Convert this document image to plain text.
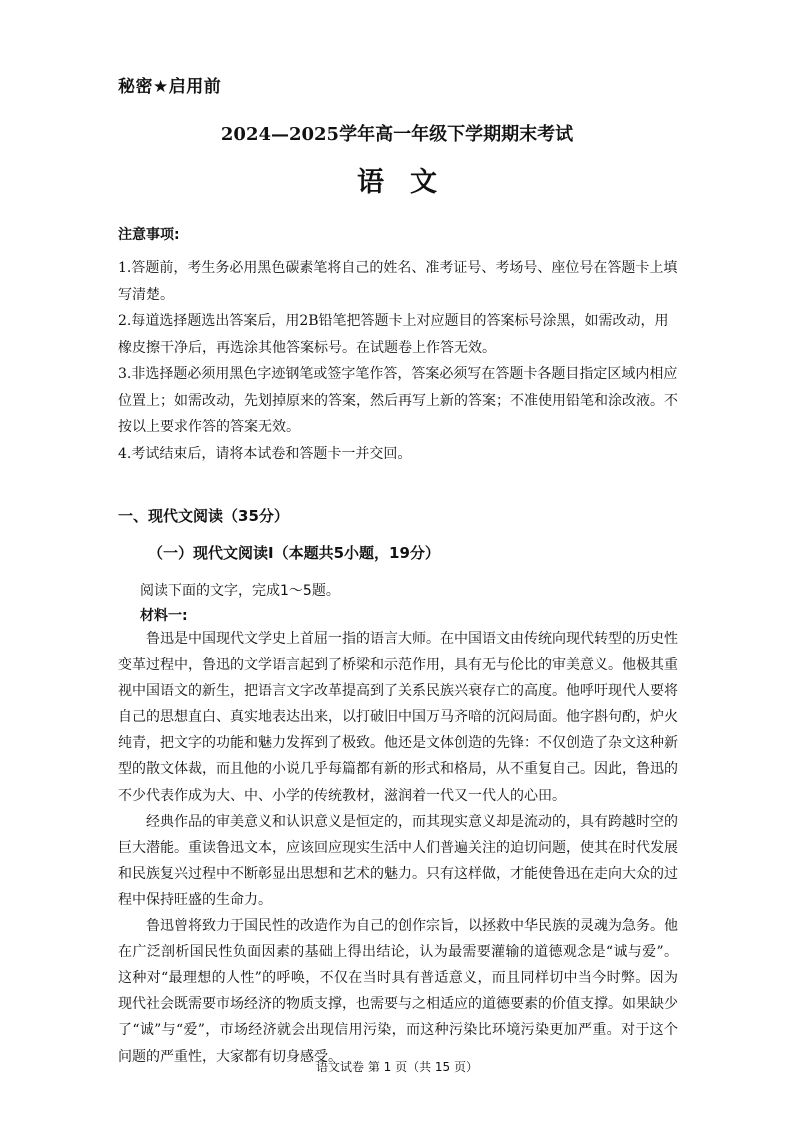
秘密★启用前
2024—2025学年高一年级下学期期末考试
语文
注意事项:
1.答题前，考生务必用黑色碳素笔将自己的姓名、准考证号、考场号、座位号在答题卡上填写清楚。
2.每道选择题选出答案后，用2B铅笔把答题卡上对应题目的答案标号涂黑，如需改动，用橡皮擦干净后，再选涂其他答案标号。在试题卷上作答无效。
3.非选择题必须用黑色字迹钢笔或签字笔作答，答案必须写在答题卡各题目指定区域内相应位置上；如需改动，先划掉原来的答案，然后再写上新的答案；不准使用铅笔和涂改液。不按以上要求作答的答案无效。
4.考试结束后，请将本试卷和答题卡一并交回。
一、现代文阅读（35分）
（一）现代文阅读Ⅰ（本题共5小题，19分）
阅读下面的文字，完成1～5题。
材料一:

鲁迅是中国现代文学史上首屈一指的语言大师。在中国语文由传统向现代转型的历史性变革过程中，鲁迅的文学语言起到了桥梁和示范作用，具有无与伦比的审美意义。他极其重视中国语文的新生，把语言文字改革提高到了关系民族兴衰存亡的高度。他呼吁现代人要将自己的思想直白、真实地表达出来，以打破旧中国万马齐喑的沉闷局面。他字斟句酌，炉火纯青，把文字的功能和魅力发挥到了极致。他还是文体创造的先锋：不仅创造了杂文这种新型的散文体裁，而且他的小说几乎每篇都有新的形式和格局，从不重复自己。因此，鲁迅的不少代表作成为大、中、小学的传统教材，滋润着一代又一代人的心田。

经典作品的审美意义和认识意义是恒定的，而其现实意义却是流动的，具有跨越时空的巨大潜能。重读鲁迅文本，应该回应现实生活中人们普遍关注的迫切问题，使其在时代发展和民族复兴过程中不断彰显出思想和艺术的魅力。只有这样做，才能使鲁迅在走向大众的过程中保持旺盛的生命力。

鲁迅曾将致力于国民性的改造作为自己的创作宗旨，以拯救中华民族的灵魂为急务。他在广泛剖析国民性负面因素的基础上得出结论，认为最需要灌输的道德观念是“诚与爱”。这种对“最理想的人性”的呼唤，不仅在当时具有普适意义，而且同样切中当今时弊。因为现代社会既需要市场经济的物质支撑，也需要与之相适应的道德要素的价值支撑。如果缺少了“诚”与“爱”，市场经济就会出现信用污染，而这种污染比环境污染更加严重。对于这个问题的严重性，大家都有切身感受。

语文试卷 第 1 页（共 15 页）
